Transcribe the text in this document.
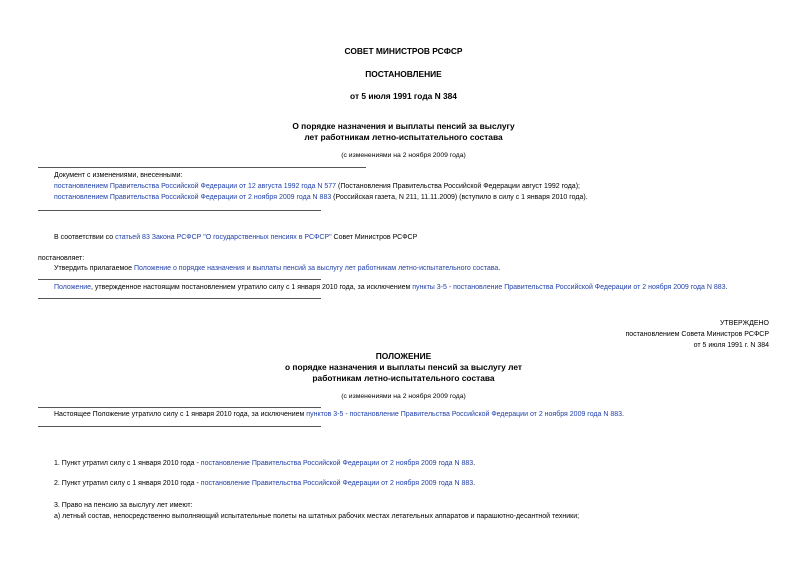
СОВЕТ МИНИСТРОВ РСФСР
ПОСТАНОВЛЕНИЕ
от 5 июля 1991 года N 384
О порядке назначения и выплаты пенсий за выслугу
лет работникам летно-испытательного состава
(с изменениями на 2 ноября 2009 года)
Документ с изменениями, внесенными:
постановлением Правительства Российской Федерации от 12 августа 1992 года N 577 (Постановления Правительства Российской Федерации август 1992 года);
постановлением Правительства Российской Федерации от 2 ноября 2009 года N 883 (Российская газета, N 211, 11.11.2009) (вступило в силу с 1 января 2010 года).
В соответствии со статьей 83 Закона РСФСР "О государственных пенсиях в РСФСР" Совет Министров РСФСР
постановляет:
Утвердить прилагаемое Положение о порядке назначения и выплаты пенсий за выслугу лет работникам летно-испытательного состава.
Положение, утвержденное настоящим постановлением утратило силу с 1 января 2010 года, за исключением пункты 3-5 - постановление Правительства Российской Федерации от 2 ноября 2009 года N 883.
УТВЕРЖДЕНО
постановлением Совета Министров РСФСР
от 5 июля 1991 г. N 384
ПОЛОЖЕНИЕ
о порядке назначения и выплаты пенсий за выслугу лет
работникам летно-испытательного состава
(с изменениями на 2 ноября 2009 года)
Настоящее Положение утратило силу с 1 января 2010 года, за исключением пунктов 3-5 - постановление Правительства Российской Федерации от 2 ноября 2009 года N 883.
1. Пункт утратил силу с 1 января 2010 года - постановление Правительства Российской Федерации от 2 ноября 2009 года N 883.
2. Пункт утратил силу с 1 января 2010 года - постановление Правительства Российской Федерации от 2 ноября 2009 года N 883.
3. Право на пенсию за выслугу лет имеют:
а) летный состав, непосредственно выполняющий испытательные полеты на штатных рабочих местах летательных аппаратов и парашютно-десантной техники;
